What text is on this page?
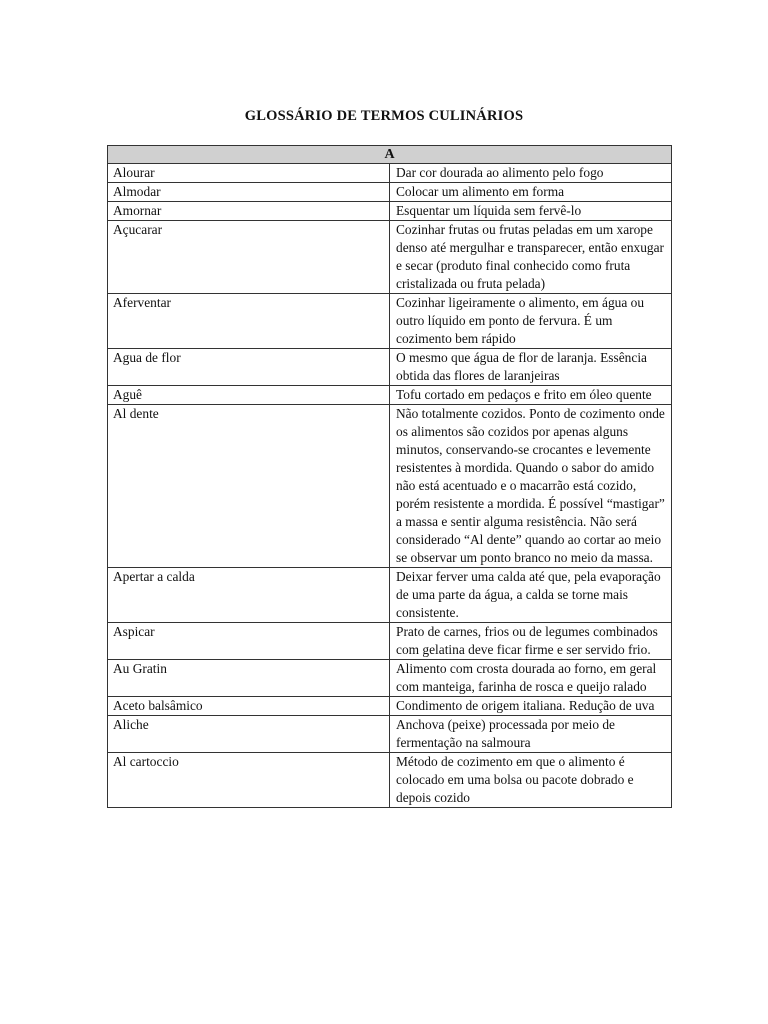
GLOSSÁRIO DE TERMOS CULINÁRIOS
A	
Alourar	Dar cor dourada ao alimento pelo fogo
Almodar	Colocar um alimento em forma
Amornar	Esquentar um líquida sem fervê-lo
Açucarar	Cozinhar frutas ou frutas peladas em um xarope denso até mergulhar e transparecer, então enxugar e secar (produto final conhecido como fruta cristalizada ou fruta pelada)
Aferventar	Cozinhar ligeiramente o alimento, em água ou outro líquido em ponto de fervura. É um cozimento bem rápido
Agua de flor	O mesmo que água de flor de laranja. Essência obtida das flores de laranjeiras
Aguê	Tofu cortado em pedaços e frito em óleo quente
Al dente	Não totalmente cozidos. Ponto de cozimento onde os alimentos são cozidos por apenas alguns minutos, conservando-se crocantes e levemente resistentes à mordida. Quando o sabor do amido não está acentuado e o macarrão está cozido, porém resistente a mordida. É possível “mastigar” a massa e sentir alguma resistência. Não será considerado “Al dente” quando ao cortar ao meio se observar um ponto branco no meio da massa.
Apertar a calda	Deixar ferver uma calda até que, pela evaporação de uma parte da água, a calda se torne mais consistente.
Aspicar	Prato de carnes, frios ou de legumes combinados com gelatina deve ficar firme e ser servido frio.
Au Gratin	Alimento com crosta dourada ao forno, em geral com manteiga, farinha de rosca e queijo ralado
Aceto balsâmico	Condimento de origem italiana. Redução de uva
Aliche	Anchova (peixe) processada por meio de fermentação na salmoura
Al cartoccio	Método de cozimento em que o alimento é colocado em uma bolsa ou pacote dobrado e depois cozido
